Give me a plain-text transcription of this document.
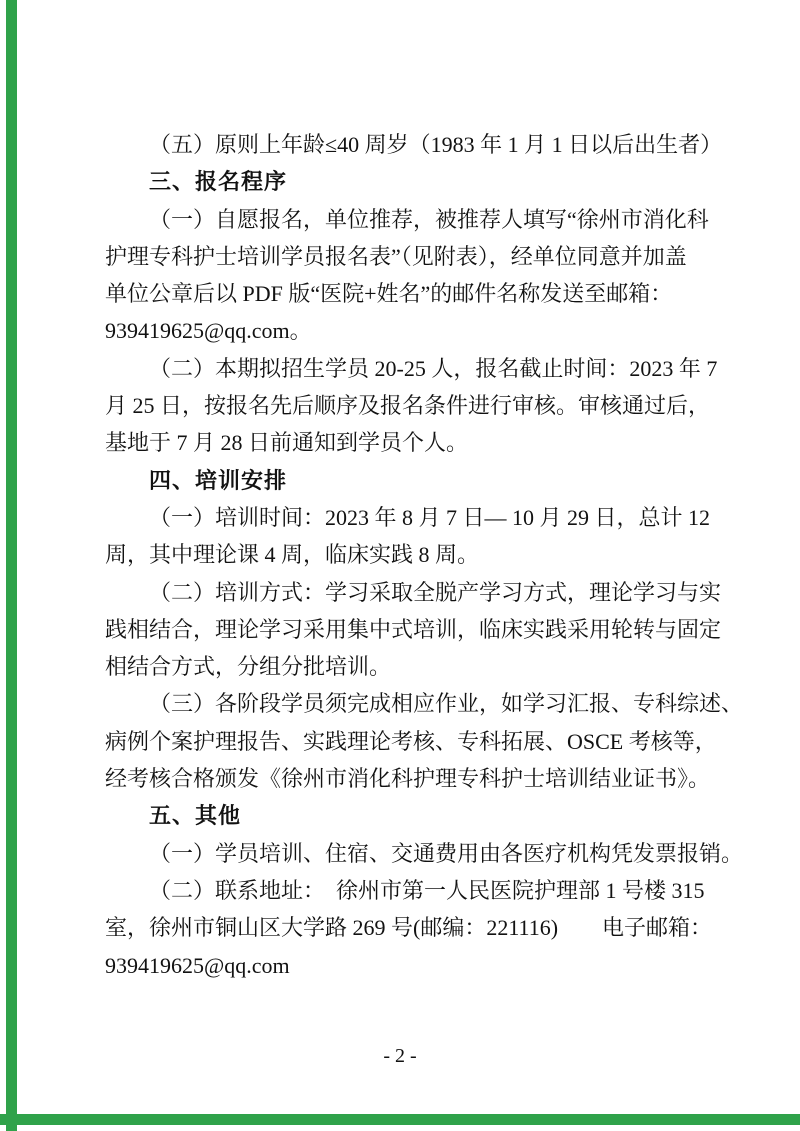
（五）原则上年龄≤40 周岁（1983 年 1 月 1 日以后出生者）
三、报名程序
（一）自愿报名，单位推荐，被推荐人填写“徐州市消化科
护理专科护士培训学员报名表”（见附表），经单位同意并加盖
单位公章后以 PDF 版“医院+姓名”的邮件名称发送至邮箱：
939419625@qq.com。
（二）本期拟招生学员 20-25 人，报名截止时间：2023 年 7
月 25 日，按报名先后顺序及报名条件进行审核。审核通过后，
基地于 7 月 28 日前通知到学员个人。
四、培训安排
（一）培训时间：2023 年 8 月 7 日— 10 月 29 日，总计 12
周，其中理论课 4 周，临床实践 8 周。
（二）培训方式：学习采取全脱产学习方式，理论学习与实
践相结合，理论学习采用集中式培训，临床实践采用轮转与固定
相结合方式，分组分批培训。
（三）各阶段学员须完成相应作业，如学习汇报、专科综述、
病例个案护理报告、实践理论考核、专科拓展、OSCE 考核等，
经考核合格颁发《徐州市消化科护理专科护士培训结业证书》。
五、其他
（一）学员培训、住宿、交通费用由各医疗机构凭发票报销。
（二）联系地址：　徐州市第一人民医院护理部 1 号楼 315
室，徐州市铜山区大学路 269 号(邮编：221116)　　电子邮箱：
939419625@qq.com
- 2 -
